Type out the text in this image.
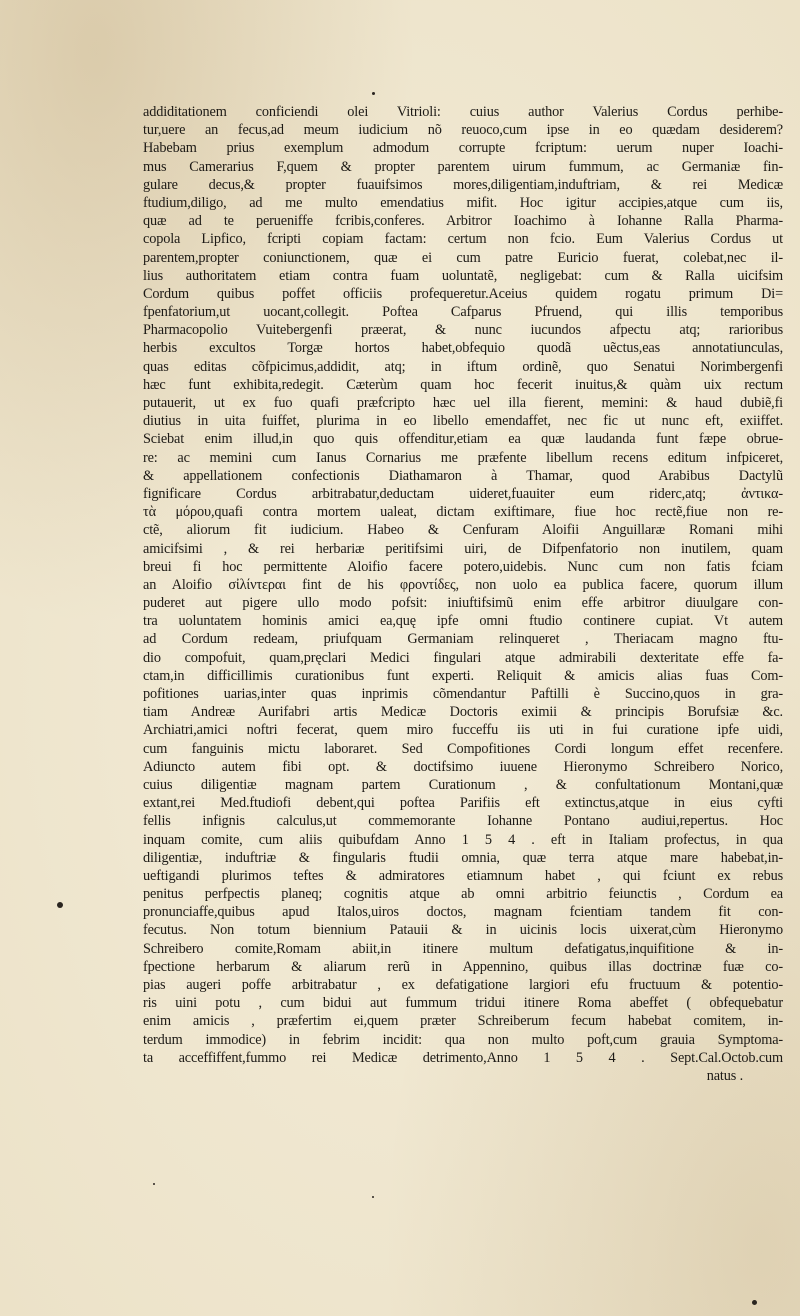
addiditationem conficiendi olei Vitrioli: cuius author Valerius Cordus perhibe-
tur,uere an fecus,ad meum iudicium nõ reuoco,cum ipse in eo quædam desiderem?
Habebam prius exemplum admodum corrupte fcriptum: uerum nuper Ioachi-
mus Camerarius F,quem & propter parentem uirum fummum, ac Germaniæ fin-
gulare decus,& propter fuauifsimos mores,diligentiam,induftriam, & rei Medicæ
ftudium,diligo, ad me multo emendatius mifit. Hoc igitur accipies,atque cum iis,
quæ ad te perueniffe fcribis,conferes. Arbitror Ioachimo à Iohanne Ralla Pharma-
copola Lipfico, fcripti copiam factam: certum non fcio. Eum Valerius Cordus ut
parentem,propter coniunctionem, quæ ei cum patre Euricio fuerat, colebat,nec il-
lius authoritatem etiam contra fuam uoluntatẽ, negligebat: cum & Ralla uicifsim
Cordum quibus poffet officiis profequeretur.Aceius quidem rogatu primum Di=
fpenfatorium,ut uocant,collegit. Poftea Cafparus Pfruend, qui illis temporibus
Pharmacopolio Vuitebergenfi præerat, & nunc iucundos afpectu atq; rarioribus
herbis excultos Torgæ hortos habet,obfequio quodã uẽctus,eas annotatiunculas,
quas editas cõfpicimus,addidit, atq; in iftum ordinẽ, quo Senatui Norimbergenfi
hæc funt exhibita,redegit. Cæterùm quam hoc fecerit inuitus,& quàm uix rectum
putauerit, ut ex fuo quafi præfcripto hæc uel illa fierent, memini: & haud dubiẽ,fi
diutius in uita fuiffet, plurima in eo libello emendaffet, nec fic ut nunc eft, exiiffet.
Sciebat enim illud,in quo quis offenditur,etiam ea quæ laudanda funt fæpe obrue-
re: ac memini cum Ianus Cornarius me præfente libellum recens editum infpiceret,
& appellationem confectionis Diathamaron à Thamar, quod Arabibus Dactylũ
fignificare Cordus arbitrabatur,deductam uideret,fuauiter eum riderc,atq; ἀντικα-
τὰ μόρου,quafi contra mortem ualeat, dictam exiftimare, fiue hoc rectẽ,fiue non re-
ctẽ, aliorum fit iudicium. Habeo & Cenfuram Aloifii Anguillaræ Romani mihi
amicifsimi , & rei herbariæ peritifsimi uiri, de Difpenfatorio non inutilem, quam
breui fi hoc permittente Aloifio facere potero,uidebis. Nunc cum non fatis fciam
an Aloifio σἰλίντεραι fint de his φροντίδες, non uolo ea publica facere, quorum illum
puderet aut pigere ullo modo pofsit: iniuftifsimũ enim effe arbitror diuulgare con-
tra uoluntatem hominis amici ea,quę ipfe omni ftudio continere cupiat. Vt autem
ad Cordum redeam, priufquam Germaniam relinqueret , Theriacam magno ftu-
dio compofuit, quam,pręclari Medici fingulari atque admirabili dexteritate effe fa-
ctam,in difficillimis curationibus funt experti. Reliquit & amicis alias fuas Com-
pofitiones uarias,inter quas inprimis cõmendantur Paftilli è Succino,quos in gra-
tiam Andreæ Aurifabri artis Medicæ Doctoris eximii & principis Borufsiæ &c.
Archiatri,amici noftri fecerat, quem miro fucceffu iis uti in fui curatione ipfe uidi,
cum fanguinis mictu laboraret. Sed Compofitiones Cordi longum effet recenfere.
Adiuncto autem fibi opt. & doctifsimo iuuene Hieronymo Schreibero Norico,
cuius diligentiæ magnam partem Curationum , & confultationum Montani,quæ
extant,rei Med.ftudiofi debent,qui poftea Parifiis eft extinctus,atque in eius cyfti
fellis infignis calculus,ut commemorante Iohanne Pontano audiui,repertus. Hoc
inquam comite, cum aliis quibufdam Anno 1 5 4 . eft in Italiam profectus, in qua
diligentiæ, induftriæ & fingularis ftudii omnia, quæ terra atque mare habebat,in-
ueftigandi plurimos teftes & admiratores etiamnum habet , qui fciunt ex rebus
penitus perfpectis planeq; cognitis atque ab omni arbitrio feiunctis , Cordum ea
pronunciaffe,quibus apud Italos,uiros doctos, magnam fcientiam tandem fit con-
fecutus. Non totum biennium Patauii & in uicinis locis uixerat,cùm Hieronymo
Schreibero comite,Romam abiit,in itinere multum defatigatus,inquifitione & in-
fpectione herbarum & aliarum rerũ in Appennino, quibus illas doctrinæ fuæ co-
pias augeri poffe arbitrabatur , ex defatigatione largiori efu fructuum & potentio-
ris uini potu , cum bidui aut fummum tridui itinere Roma abeffet ( obfequebatur
enim amicis , præfertim ei,quem præter Schreiberum fecum habebat comitem, in-
terdum immodice) in febrim incidit: qua non multo poft,cum grauia Symptoma-
ta acceffiffent,fummo rei Medicæ detrimento,Anno 1 5 4 . Sept.Cal.Octob.cum
natus .
